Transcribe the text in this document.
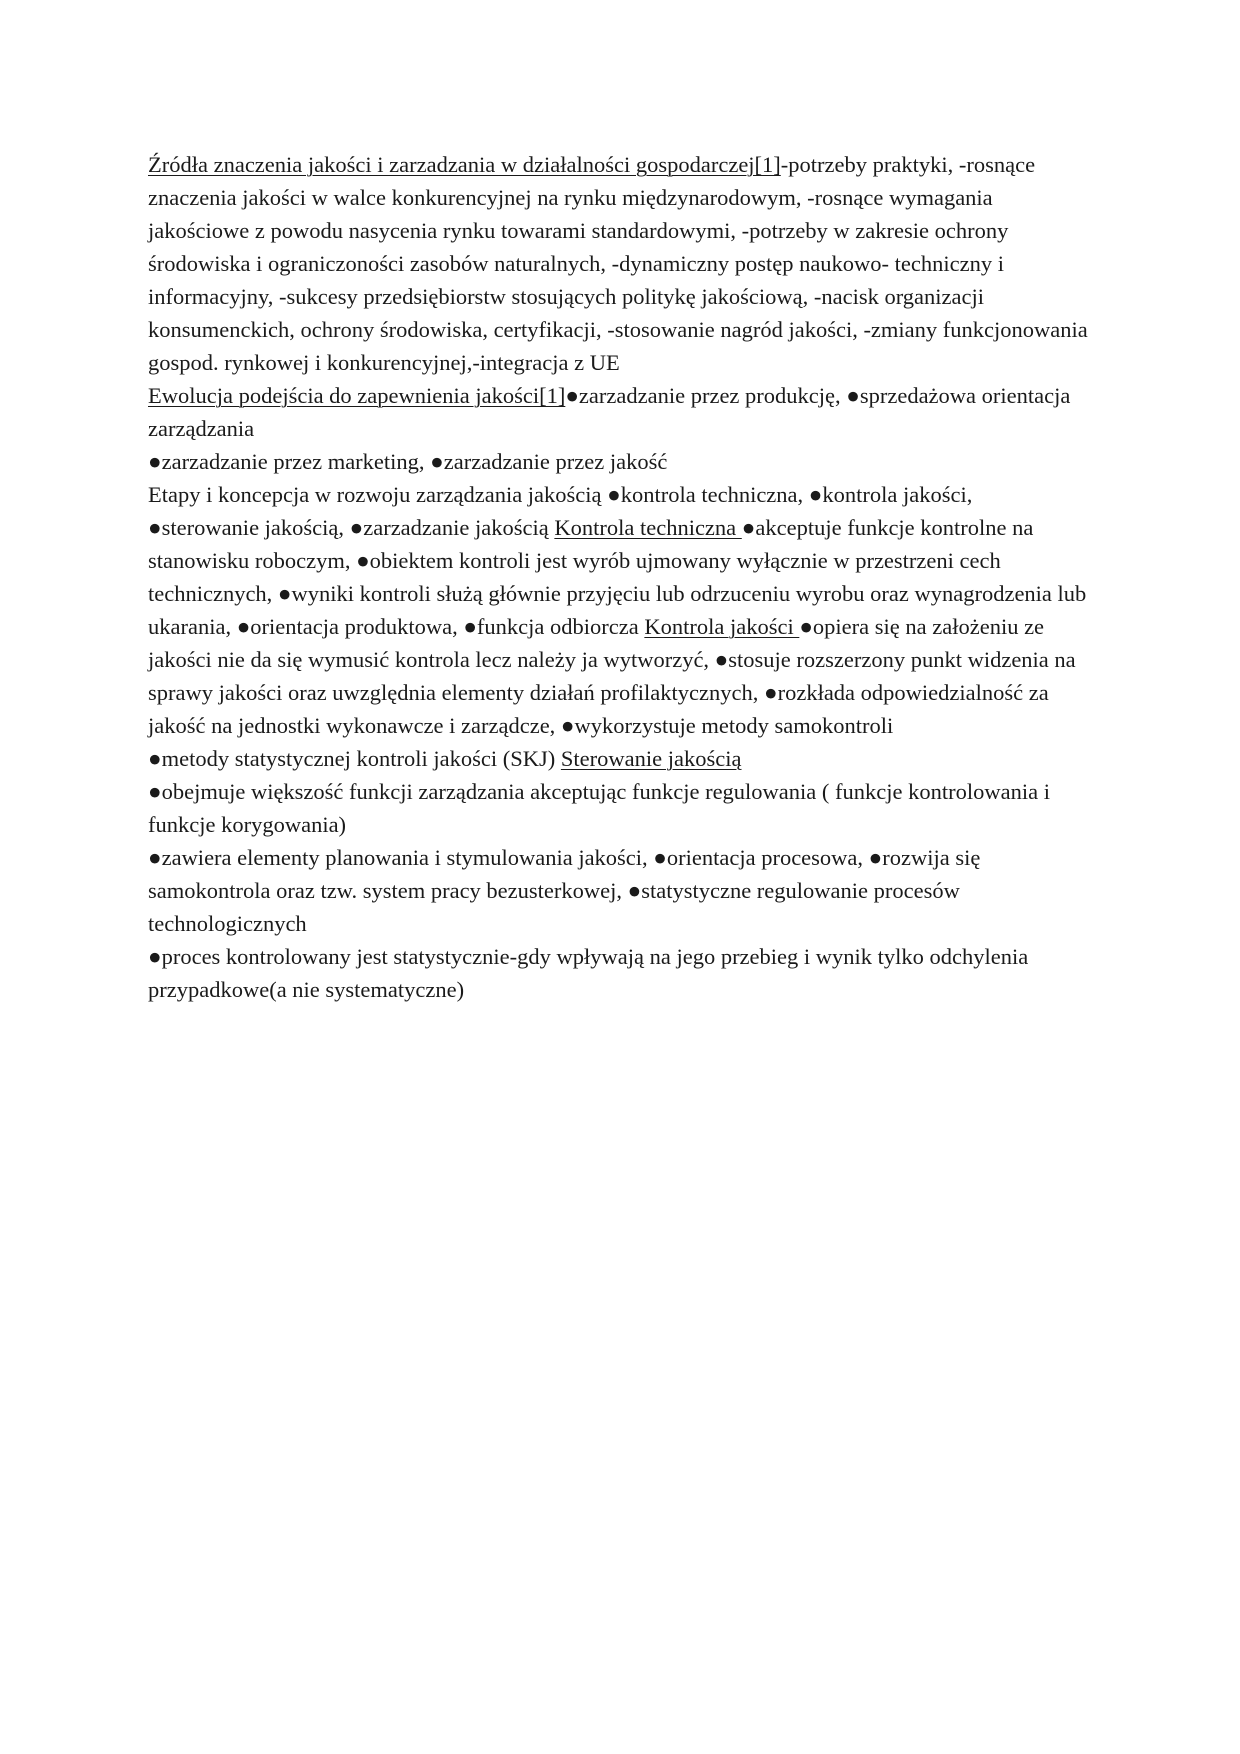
Źródła znaczenia jakości i zarzadzania w działalności gospodarczej[1]-potrzeby praktyki, -rosnące znaczenia jakości w walce konkurencyjnej na rynku międzynarodowym, -rosnące wymagania jakościowe z powodu nasycenia rynku towarami standardowymi, -potrzeby w zakresie ochrony środowiska i ograniczoności zasobów naturalnych, -dynamiczny postęp naukowo- techniczny i informacyjny, -sukcesy przedsiębiorstw stosujących politykę jakościową, -nacisk organizacji konsumenckich, ochrony środowiska, certyfikacji, -stosowanie nagród jakości, -zmiany funkcjonowania gospod. rynkowej i konkurencyjnej,-integracja z UE

Ewolucja podejścia do zapewnienia jakości[1]●zarzadzanie przez produkcję, ●sprzedażowa orientacja zarządzania

●zarzadzanie przez marketing, ●zarzadzanie przez jakość

Etapy i koncepcja w rozwoju zarządzania jakością ●kontrola techniczna, ●kontrola jakości, ●sterowanie jakością, ●zarzadzanie jakością Kontrola techniczna ●akceptuje funkcje kontrolne na stanowisku roboczym, ●obiektem kontroli jest wyrób ujmowany wyłącznie w przestrzeni cech technicznych, ●wyniki kontroli służą głównie przyjęciu lub odrzuceniu wyrobu oraz wynagrodzenia lub ukarania, ●orientacja produktowa, ●funkcja odbiorcza Kontrola jakości ●opiera się na założeniu ze jakości nie da się wymusić kontrola lecz należy ja wytworzyć, ●stosuje rozszerzony punkt widzenia na sprawy jakości oraz uwzględnia elementy działań profilaktycznych, ●rozkłada odpowiedzialność za jakość na jednostki wykonawcze i zarządcze, ●wykorzystuje metody samokontroli

●metody statystycznej kontroli jakości (SKJ) Sterowanie jakością

●obejmuje większość funkcji zarządzania akceptując funkcje regulowania ( funkcje kontrolowania i funkcje korygowania)

●zawiera elementy planowania i stymulowania jakości, ●orientacja procesowa, ●rozwija się samokontrola oraz tzw. system pracy bezusterkowej, ●statystyczne regulowanie procesów technologicznych

●proces kontrolowany jest statystycznie-gdy wpływają na jego przebieg i wynik tylko odchylenia przypadkowe(a nie systematyczne)
